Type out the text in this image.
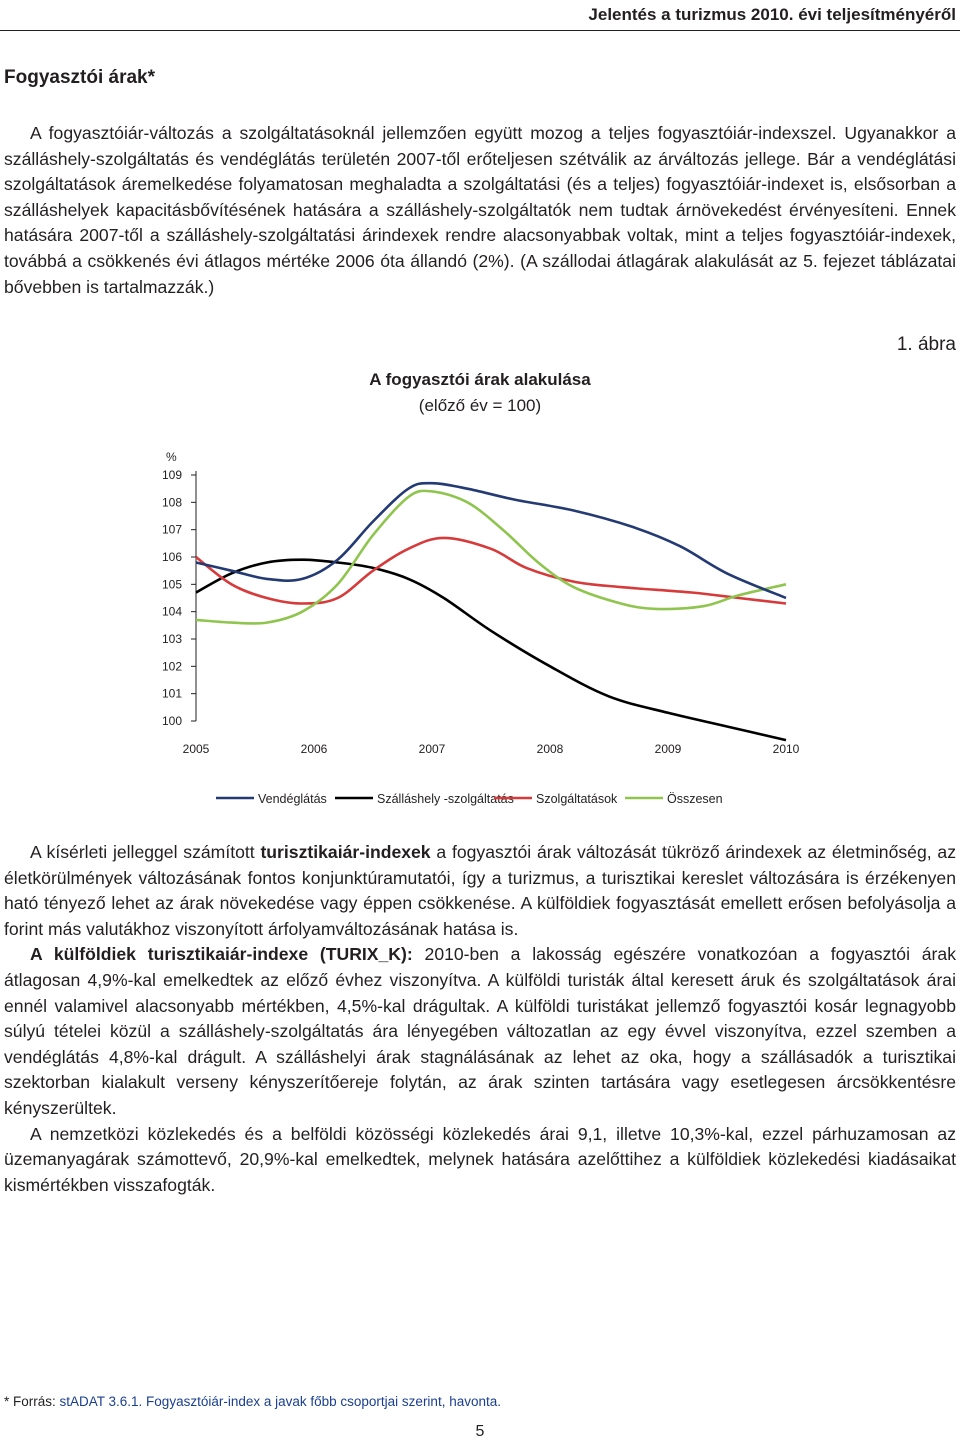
Jelentés a turizmus 2010. évi teljesítményéről
Fogyasztói árak*

A fogyasztóiár-változás a szolgáltatásoknál jellemzően együtt mozog a teljes fogyasztóiár-indexszel. Ugyanakkor a szálláshely-szolgáltatás és vendéglátás területén 2007-től erőteljesen szétválik az árváltozás jellege. Bár a vendéglátási szolgáltatások áremelkedése folyamatosan meghaladta a szolgáltatási (és a teljes) fogyasztóiár-indexet is, elsősorban a szálláshelyek kapacitásbővítésének hatására a szálláshely-szolgáltatók nem tudtak árnövekedést érvényesíteni. Ennek hatására 2007-től a szálláshely-szolgáltatási árindexek rendre alacsonyabbak voltak, mint a teljes fogyasztóiár-indexek, továbbá a csökkenés évi átlagos mértéke 2006 óta állandó (2%). (A szállodai átlagárak alakulását az 5. fejezet táblázatai bővebben is tartalmazzák.)

1. ábra
A fogyasztói árak alakulása
(előző év = 100)
%
109
108
107
106
105
104
103
102
101
100
2005	2006	2007	2008	2009	2010
Vendéglátás	Szálláshely -szolgáltatás Szolgáltatások	Összesen

A kísérleti jelleggel számított turisztikaiár-indexek a fogyasztói árak változását tükröző árindexek az életminőség, az életkörülmények változásának fontos konjunktúramutatói, így a turizmus, a turisztikai kereslet változására is érzékenyen ható tényező lehet az árak növekedése vagy éppen csökkenése. A külföldiek fogyasztását emellett erősen befolyásolja a forint más valutákhoz viszonyított árfolyamváltozásának hatása is.

A külföldiek turisztikaiár-indexe (TURIX_K): 2010-ben a lakosság egészére vonatkozóan a fogyasztói árak átlagosan 4,9%-kal emelkedtek az előző évhez viszonyítva. A külföldi turisták által keresett áruk és szolgáltatások árai ennél valamivel alacsonyabb mértékben, 4,5%-kal drágultak. A külföldi turistákat jellemző fogyasztói kosár legnagyobb súlyú tételei közül a szálláshely-szolgáltatás ára lényegében változatlan az egy évvel viszonyítva, ezzel szemben a vendéglátás 4,8%-kal drágult. A szálláshelyi árak stagnálásának az lehet az oka, hogy a szállásadók a turisztikai szektorban kialakult verseny kényszerítőereje folytán, az árak szinten tartására vagy esetlegesen árcsökkentésre kényszerültek.

A nemzetközi közlekedés és a belföldi közösségi közlekedés árai 9,1, illetve 10,3%-kal, ezzel párhuzamosan az üzemanyagárak számottevő, 20,9%-kal emelkedtek, melynek hatására azelőttihez a külföldiek közlekedési kiadásaikat kismértékben visszafogták.

* Forrás: stADAT 3.6.1. Fogyasztóiár-index a javak főbb csoportjai szerint, havonta.
5
